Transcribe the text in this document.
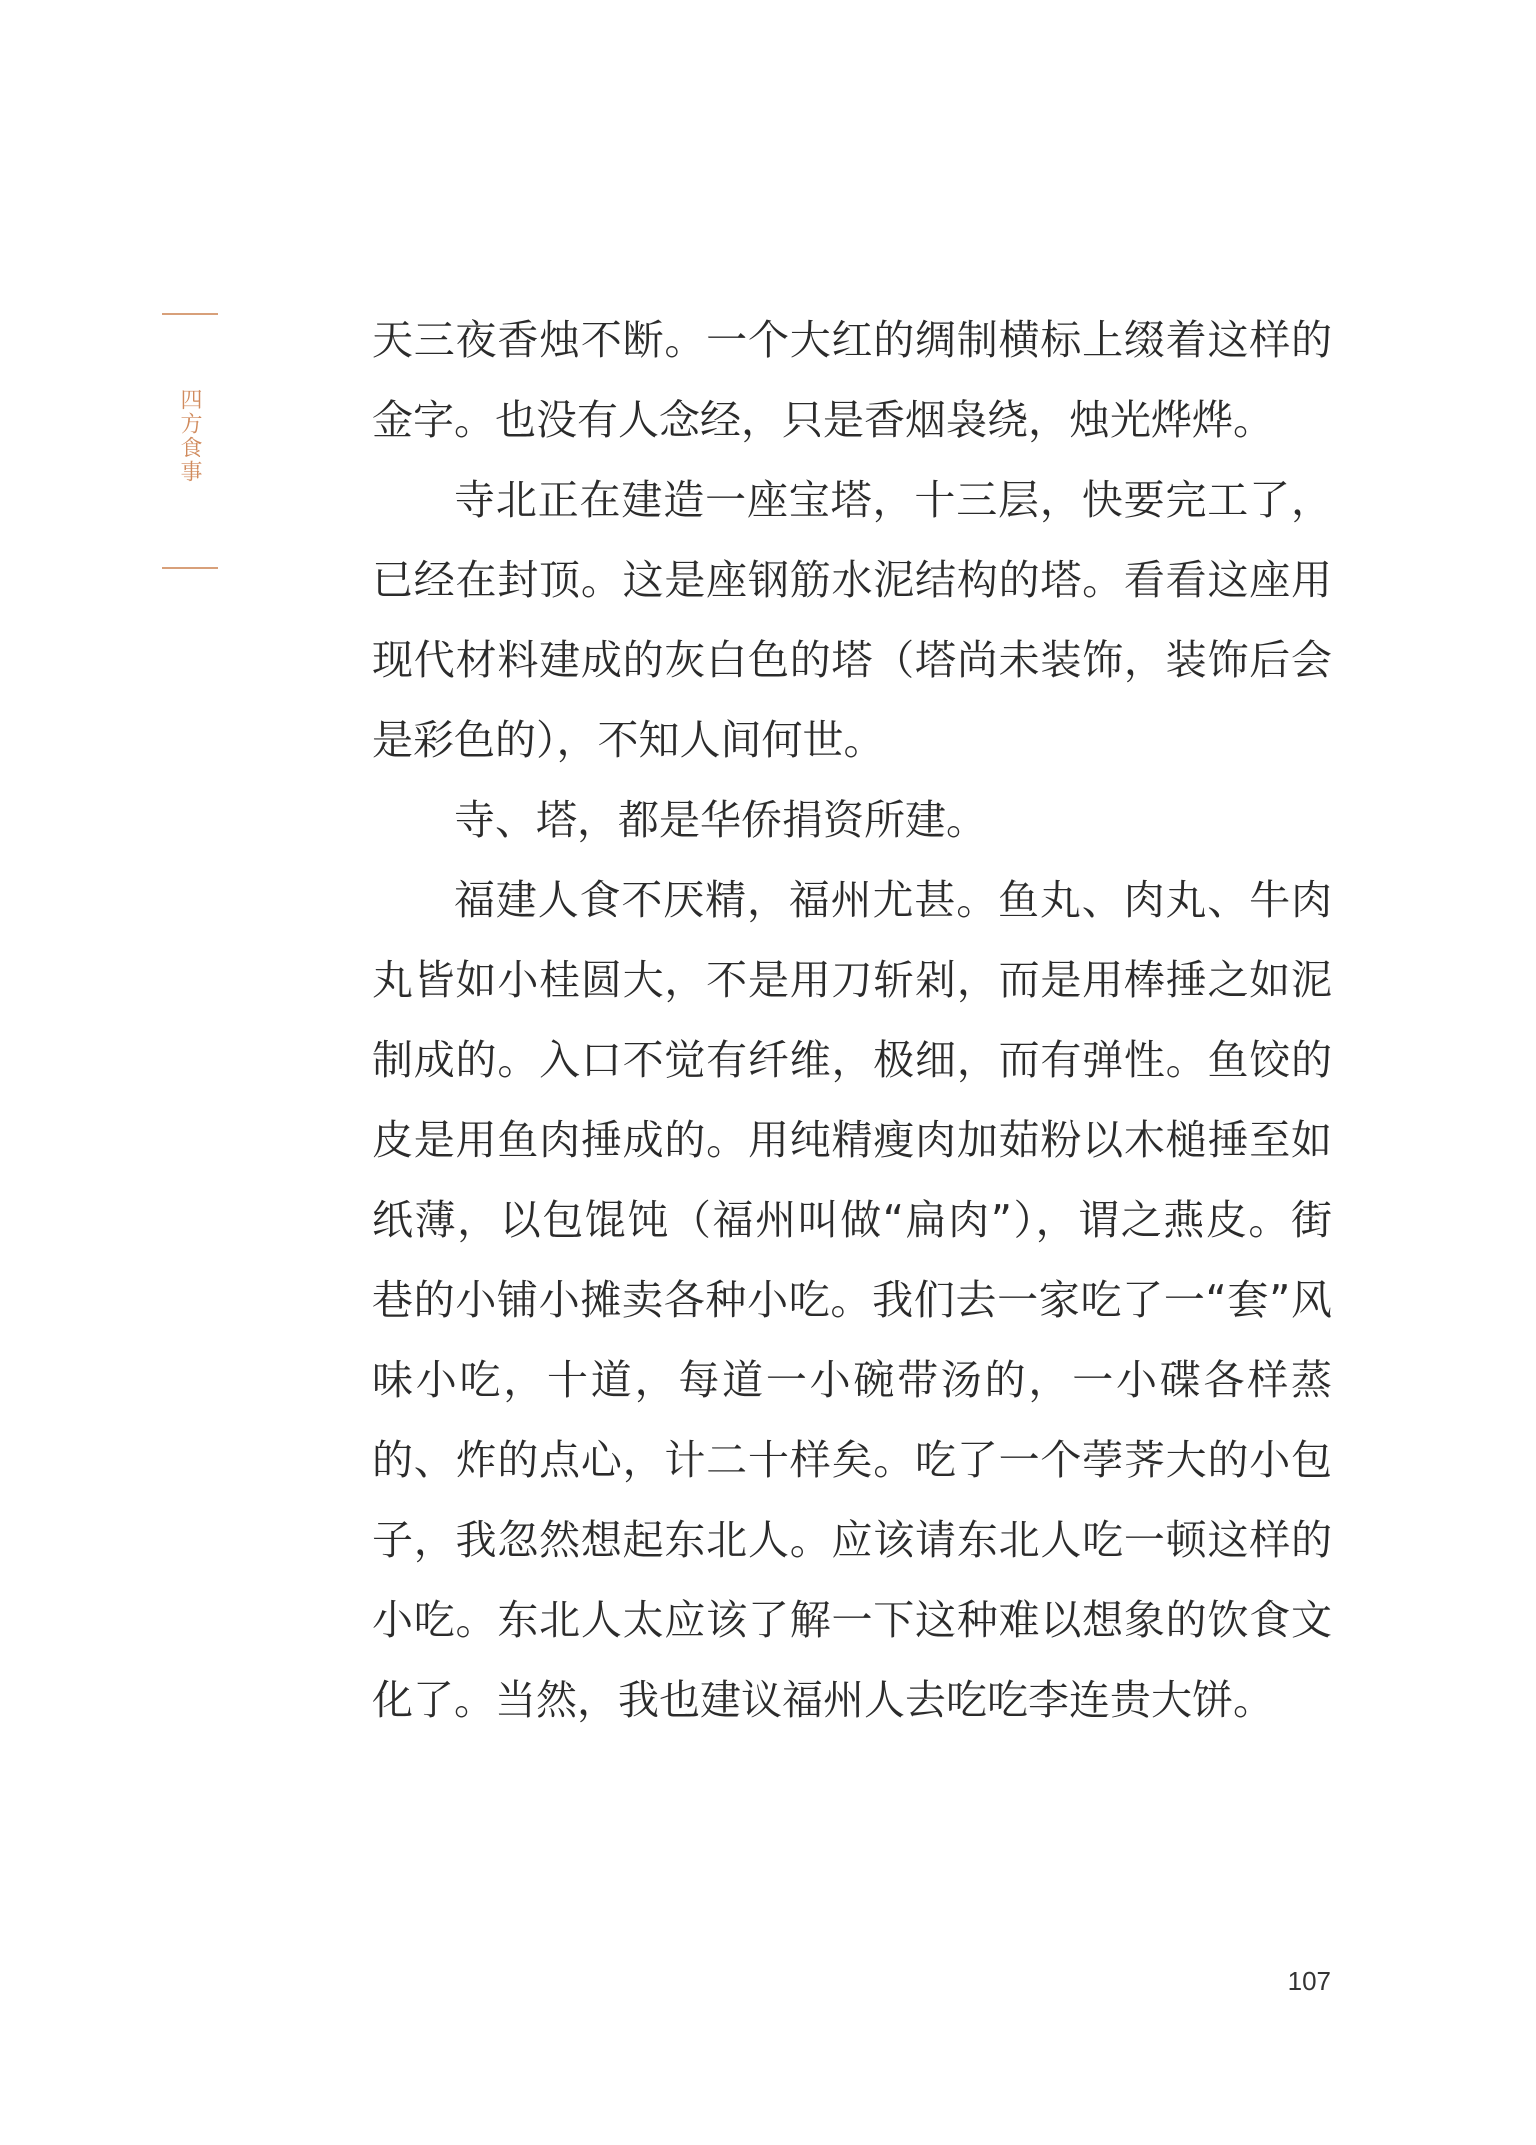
四方食事

天三夜香烛不断。一个大红的绸制横标上缀着这样的金字。也没有人念经，只是香烟袅绕，烛光烨烨。

寺北正在建造一座宝塔，十三层，快要完工了，已经在封顶。这是座钢筋水泥结构的塔。看看这座用现代材料建成的灰白色的塔（塔尚未装饰，装饰后会是彩色的），不知人间何世。

寺、塔，都是华侨捐资所建。

福建人食不厌精，福州尤甚。鱼丸、肉丸、牛肉丸皆如小桂圆大，不是用刀斩剁，而是用棒捶之如泥制成的。入口不觉有纤维，极细，而有弹性。鱼饺的皮是用鱼肉捶成的。用纯精瘦肉加茹粉以木槌捶至如纸薄，以包馄饨（福州叫做“扁肉”），谓之燕皮。街巷的小铺小摊卖各种小吃。我们去一家吃了一“套”风味小吃，十道，每道一小碗带汤的，一小碟各样蒸的、炸的点心，计二十样矣。吃了一个荸荠大的小包子，我忽然想起东北人。应该请东北人吃一顿这样的小吃。东北人太应该了解一下这种难以想象的饮食文化了。当然，我也建议福州人去吃吃李连贵大饼。

107
